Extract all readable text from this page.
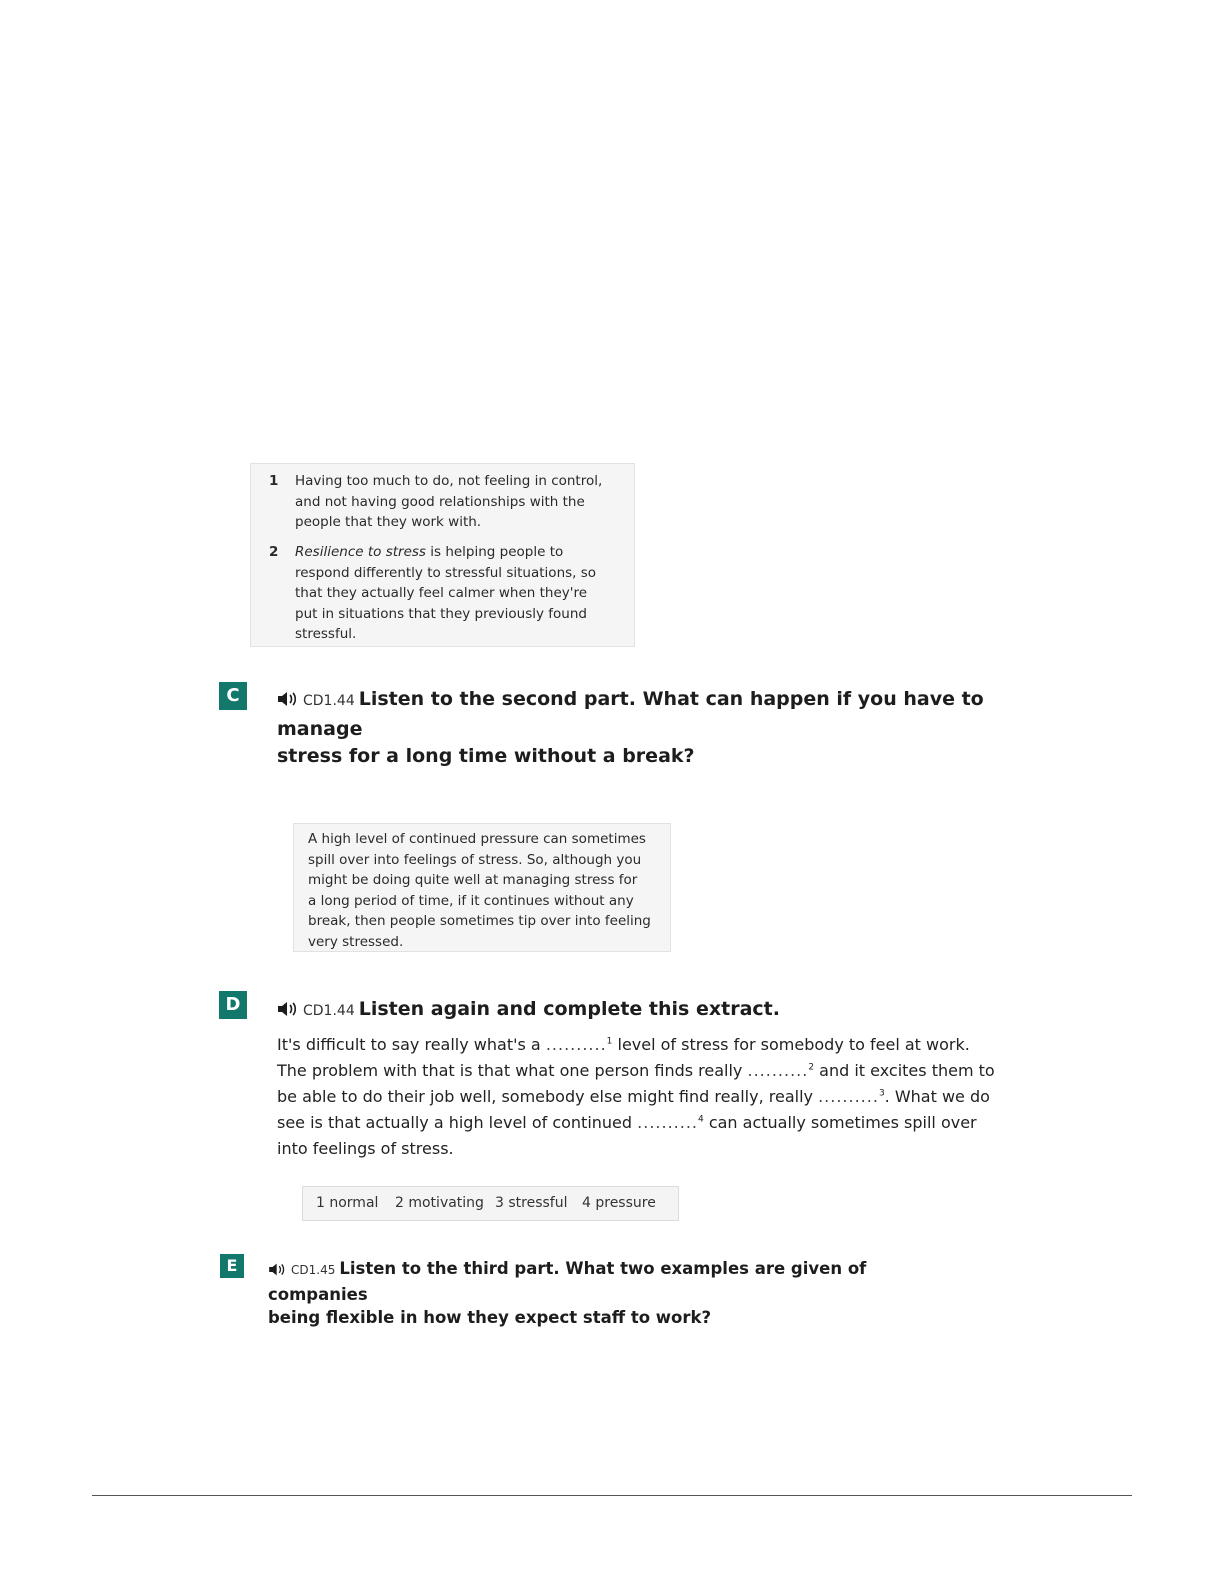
1 Having too much to do, not feeling in control,
and not having good relationships with the
people that they work with.
2 Resilience to stress is helping people to
respond differently to stressful situations, so
that they actually feel calmer when they're
put in situations that they previously found
stressful.
C	CD1.44 Listen to the second part. What can happen if you have to manage
stress for a long time without a break?

A high level of continued pressure can sometimes
spill over into feelings of stress. So, although you
might be doing quite well at managing stress for
a long period of time, if it continues without any
break, then people sometimes tip over into feeling
very stressed.

D	CD1.44 Listen again and complete this extract.
It's difficult to say really what's a ..........$^1$ level of stress for somebody to feel at work.
The problem with that is that what one person finds really ..........$^2$ and it excites them to
be able to do their job well, somebody else might find really, really ..........$^3$. What we do
see is that actually a high level of continued ..........$^4$ can actually sometimes spill over
into feelings of stress.
1 normal 2 motivating 3 stressful 4 pressure
E	CD1.45 Listen to the third part. What two examples are given of companies
being flexible in how they expect staff to work?
